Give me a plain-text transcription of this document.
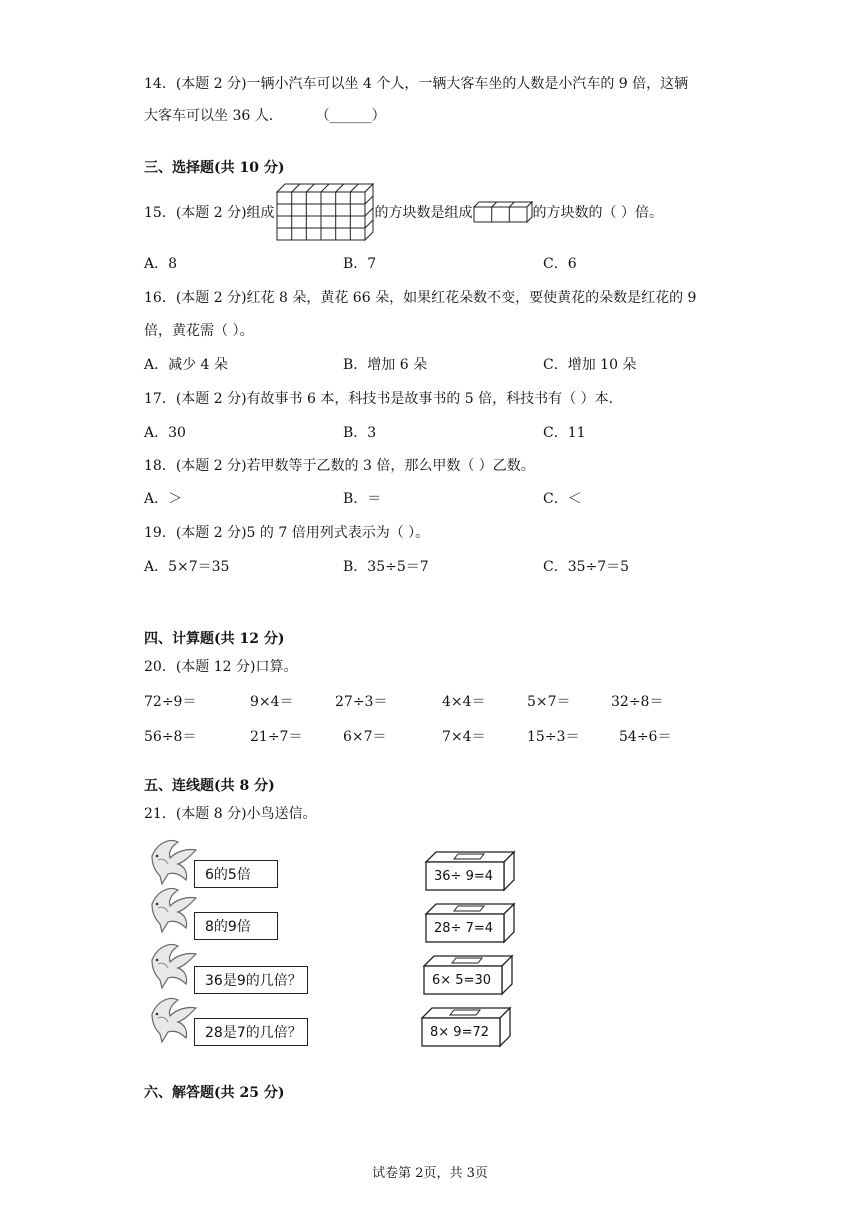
14．(本题 2 分)一辆小汽车可以坐 4 个人，一辆大客车坐的人数是小汽车的 9 倍，这辆
大客车可以坐 36 人． （______）
三、选择题(共 10 分)
15．(本题 2 分)组成	的方块数是组成	的方块数的（ ）倍。
A．8	B．7	C．6
16．(本题 2 分)红花 8 朵，黄花 66 朵，如果红花朵数不变，要使黄花的朵数是红花的 9
倍，黄花需（ ）。
A．减少 4 朵	B．增加 6 朵	C．增加 10 朵
17．(本题 2 分)有故事书 6 本，科技书是故事书的 5 倍，科技书有（ ）本.
A．30	B．3	C．11
18．(本题 2 分)若甲数等于乙数的 3 倍，那么甲数（ ）乙数。
A．＞	B．＝	C．＜
19．(本题 2 分)5 的 7 倍用列式表示为（ ）。
A．5×7＝35	B．35÷5＝7	C．35÷7＝5
四、计算题(共 12 分)
20．(本题 12 分)口算。
72÷9＝	9×4＝	27÷3＝	4×4＝	5×7＝	32÷8＝
56÷8＝	21÷7＝	6×7＝	7×4＝	15÷3＝	54÷6＝
五、连线题(共 8 分)
21．(本题 8 分)小鸟送信。
6的5倍
8的9倍
36是9的几倍？
28是7的几倍？
36÷ 9=4
28÷ 7=4
6× 5=30
8× 9=72
六、解答题(共 25 分)
试卷第 2页，共 3页
